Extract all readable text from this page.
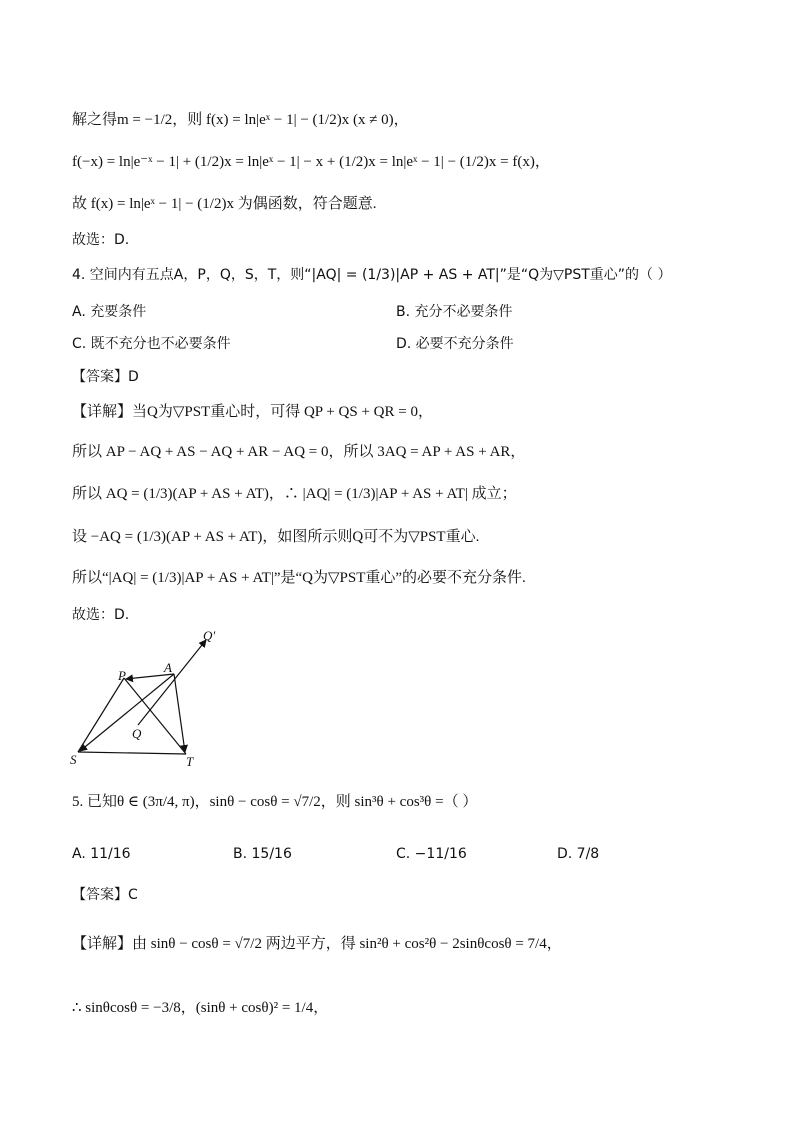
解之得m = −1/2，则 f(x) = ln|eˣ − 1| − (1/2)x (x ≠ 0)，
f(−x) = ln|e⁻ˣ − 1| + (1/2)x = ln|eˣ − 1| − x + (1/2)x = ln|eˣ − 1| − (1/2)x = f(x)，
故 f(x) = ln|eˣ − 1| − (1/2)x 为偶函数，符合题意.
故选：D.
4. 空间内有五点A，P，Q，S，T，则“|AQ| = (1/3)|AP + AS + AT|”是“Q为▽PST重心”的（ ）
A. 充要条件	B. 充分不必要条件
C. 既不充分也不必要条件	D. 必要不充分条件
【答案】D
【详解】当Q为▽PST重心时，可得 QP + QS + QR = 0，
所以 AP − AQ + AS − AQ + AR − AQ = 0，所以 3AQ = AP + AS + AR，
所以 AQ = (1/3)(AP + AS + AT)，∴ |AQ| = (1/3)|AP + AS + AT| 成立；
设 −AQ = (1/3)(AP + AS + AT)，如图所示则Q可不为▽PST重心.
所以“|AQ| = (1/3)|AP + AS + AT|”是“Q为▽PST重心”的必要不充分条件.
故选：D.
A
P
Q
S	T
Q′
5. 已知θ ∈ (3π/4, π)，sinθ − cosθ = √7/2，则 sin³θ + cos³θ =（ ）
A. 11/16	B. 15/16	C. −11/16	D. 7/8
【答案】C
【详解】由 sinθ − cosθ = √7/2 两边平方，得 sin²θ + cos²θ − 2sinθcosθ = 7/4，
∴ sinθcosθ = −3/8，(sinθ + cosθ)² = 1/4，
